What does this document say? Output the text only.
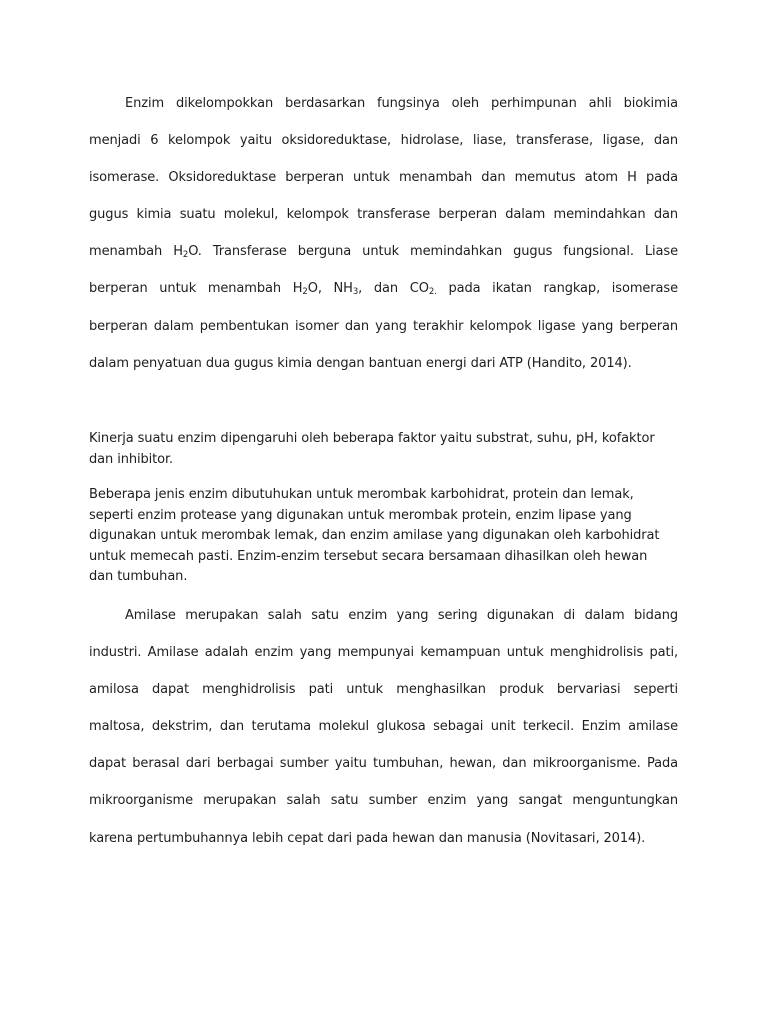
Enzim dikelompokkan berdasarkan fungsinya oleh perhimpunan ahli biokimia
menjadi 6 kelompok yaitu oksidoreduktase, hidrolase, liase, transferase, ligase, dan
isomerase. Oksidoreduktase berperan untuk menambah dan memutus atom H pada
gugus kimia suatu molekul, kelompok transferase berperan dalam memindahkan dan
menambah $H_2O$. Transferase berguna untuk memindahkan gugus fungsional. Liase
berperan untuk menambah $H_2O$, $NH_3$, dan $CO_{2.}$ pada ikatan rangkap, isomerase
berperan dalam pembentukan isomer dan yang terakhir kelompok ligase yang berperan
dalam penyatuan dua gugus kimia dengan bantuan energi dari ATP (Handito, 2014).
Kinerja suatu enzim dipengaruhi oleh beberapa faktor yaitu substrat, suhu, pH, kofaktor
dan inhibitor.
Beberapa jenis enzim dibutuhukan untuk merombak karbohidrat, protein dan lemak,
seperti enzim protease yang digunakan untuk merombak protein, enzim lipase yang
digunakan untuk merombak lemak, dan enzim amilase yang digunakan oleh karbohidrat
untuk memecah pasti. Enzim-enzim tersebut secara bersamaan dihasilkan oleh hewan
dan tumbuhan.
Amilase merupakan salah satu enzim yang sering digunakan di dalam bidang
industri. Amilase adalah enzim yang mempunyai kemampuan untuk menghidrolisis pati,
amilosa dapat menghidrolisis pati untuk menghasilkan produk bervariasi seperti
maltosa, dekstrim, dan terutama molekul glukosa sebagai unit terkecil. Enzim amilase
dapat berasal dari berbagai sumber yaitu tumbuhan, hewan, dan mikroorganisme. Pada
mikroorganisme merupakan salah satu sumber enzim yang sangat menguntungkan
karena pertumbuhannya lebih cepat dari pada hewan dan manusia (Novitasari, 2014).
